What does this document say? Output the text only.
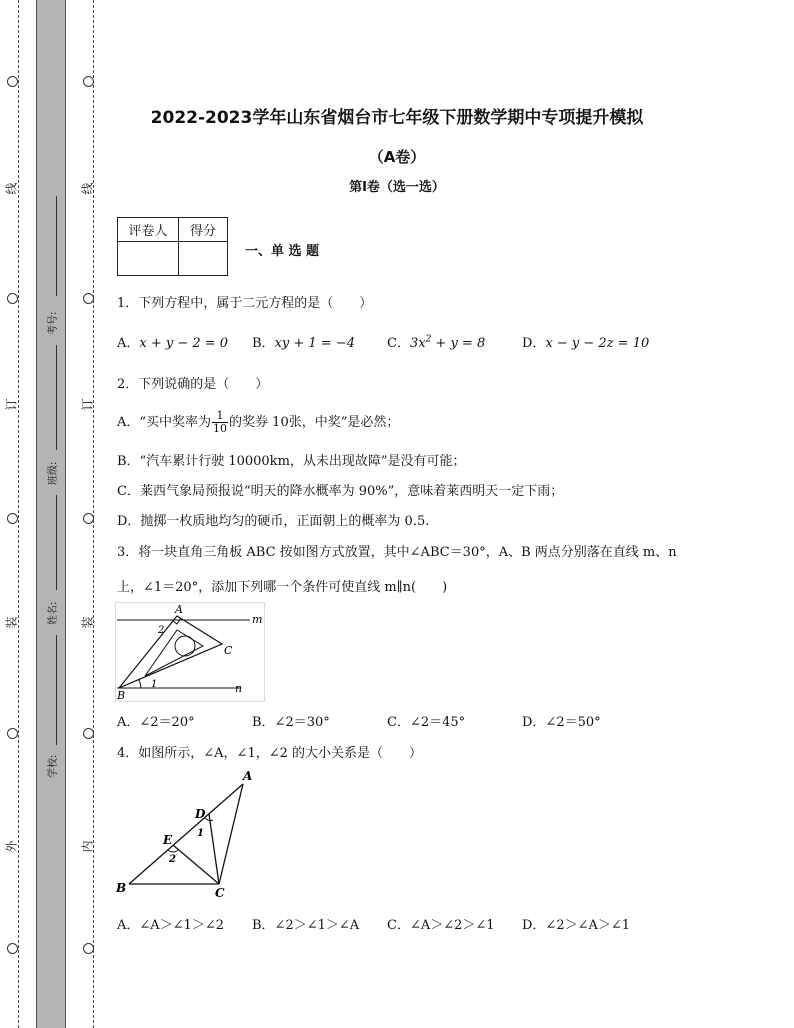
线
订
装
外
线
订
装
内
考号:
班级:
姓名:
学校:
2022-2023学年山东省烟台市七年级下册数学期中专项提升模拟
（A卷）
第I卷（选一选）
评卷人	得分

一、单 选 题
1．下列方程中，属于二元方程的是（　　）
A．x + y − 2 = 0 B．xy + 1 = −4 C．$3x^2 + y = 8$	D．x − y − 2z = 10
2．下列说确的是（　　）
A．“买中奖率为 $\frac{1}{10}$ 的奖券 10张，中奖”是必然；
B．“汽车累计行驶 10000km，从未出现故障”是没有可能；
C．莱西气象局预报说“明天的降水概率为 90%”，意味着莱西明天一定下雨；
D．抛掷一枚质地均匀的硬币，正面朝上的概率为 0.5.
3．将一块直角三角板 ABC 按如图方式放置，其中∠ABC＝30°，A、B 两点分别落在直线 m、n
上，∠1＝20°，添加下列哪一个条件可使直线 m∥n(　　)
A
B
C
m
n
1
2
A．∠2＝20°	B．∠2＝30°	C．∠2＝45°	D．∠2＝50°
4．如图所示，∠A，∠1，∠2 的大小关系是（　　）
A
B	C
D
E 1
2
A．∠A＞∠1＞∠2 B．∠2＞∠1＞∠A C．∠A＞∠2＞∠1 D．∠2＞∠A＞∠1
